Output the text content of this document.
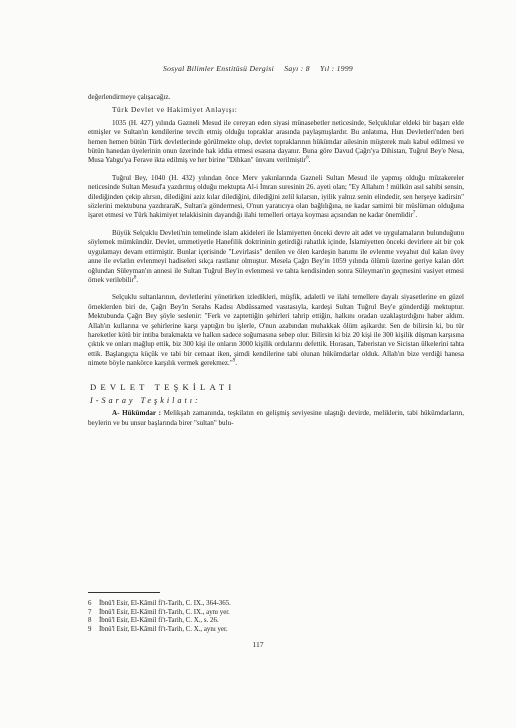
Sosyal Bilimler Enstitüsü Dergisi Sayı : 8 Yıl : 1999

değerlendirmeye çalışacağız.

Türk Devlet ve Hakimiyet Anlayışı:

1035 (H. 427) yılında Gazneli Mesud ile cereyan eden siyasi münasebetler neticesinde, Selçuklular eldeki bir başarı elde etmişler ve Sultan'ın kendilerine tevcih etmiş olduğu topraklar arasında paylaşmışlardır. Bu anlatıma, Hun Devletleri'nden beri hemen hemen bütün Türk devletlerinde görülmekte olup, devlet topraklarının hükümdar ailesinin müşterek malı kabul edilmesi ve bütün hanedan üyelerinin onun üzerinde hak iddia etmesi esasına dayanır. Buna göre Davud Çağrı'ya Dihistan, Tuğrul Bey'e Nesa, Musa Yabgu'ya Ferave ikta edilmiş ve her birine "Dihkan" ünvanı verilmiştir$^6$.

Tuğrul Bey, 1040 (H. 432) yılından önce Merv yakınlarında Gazneli Sultan Mesud ile yapmış olduğu müzakereler neticesinde Sultan Mesud'a yazdırmış olduğu mektupta Al-i İmran suresinin 26. ayeti olan; "Ey Allahım ! mülkün asıl sahibi sensin, dilediğinden çekip alırsın, dilediğini aziz kılar dilediğini, dilediğini zelil kılarsın, iyilik yalnız senin elindedir, sen herşeye kadirsin" sözlerini mektubuna yazdıraraK, Sultan'a göndermesi, O'nun yaratıcıya olan bağlılığına, ne kadar samimi bir müslüman olduğuna işaret etmesi ve Türk hakimiyet telakkisinin dayandığı ilahi temelleri ortaya koyması açısından ne kadar önemlidir$^7$.

Büyük Selçuklu Devleti'nin temelinde islam akideleri ile İslamiyetten önceki devre ait adet ve uygulamaların bulunduğunu söylemek mümkündür. Devlet, ummetiyetle Hanefilik doktrininin getirdiği rahatlık içinde, İslamiyetten önceki devirlere ait bir çok uygulamayı devam ettirmiştir. Bunlar içerisinde "Levirlasis" denilen ve ölen kardeşin hanımı ile evlenme veyahut dul kalan üvey anne ile evlatlın evlenmeyi hadiseleri sıkça rastlanır olmuştur. Mesela Çağrı Bey'in 1059 yılında ölümü üzerine geriye kalan dört oğlundan Süleyman'ın annesi ile Sultan Tuğrul Bey'in evlenmesi ve tahta kendisinden sonra Süleyman'ın geçmesini vasiyet etmesi örnek verilebilir$^8$.

Selçuklu sultanlarının, devletlerini yönetirken izledikleri, müşfik, adaletli ve ilahi temellere dayalı siyasetlerine en güzel örneklerden biri de, Çağrı Bey'in Serahs Kadısı Abdüssamed vasıtasıyla, kardeşi Sultan Tuğrul Bey'e gönderdiği mektuptur. Mektubunda Çağrı Bey şöyle seslenir: "Ferk ve zaptettiğin şehirleri tahrip ettiğin, halkını oradan uzaklaştırdığını haber aldım. Allah'ın kullarına ve şehirlerine karşı yaptığın bu işlerle, O'nun azabından muhakkak ölüm aşikardır. Sen de bilirsin ki, bu tür hareketler kötü bir intiba bırakmakta ve halkın sadece soğumasına sebep olur. Bilirsin ki biz 20 kişi ile 300 kişilik düşman karşısına çıktık ve onları mağlup ettik, biz 300 kişi ile onların 3000 kişilik ordularını defettik. Horasan, Taberistan ve Sicistan ülkelerini tahta ettik. Başlangıçta küçük ve tabi bir cemaat iken, şimdi kendilerine tabi olunan hükümdarlar olduk. Allah'ın bize verdiği hanesa nimete böyle nankörce karşılık vermek gerekmez."$^9$.

DEVLET TEŞKİLATI
I-Saray Teşkilatı:

A- Hükümdar : Melikşah zamanında, teşkilatın en gelişmiş seviyesine ulaştığı devirde, meliklerin, tabi hükümdarların, beylerin ve bu unsur başlarında birer "sultan" bulu-

6	İbnü'l Esir, El-Kâmil fi't-Tarih, C. IX., 364-365.
7	İbnü'l Esir, El-Kâmil fi't-Tarih, C. IX., aynı yer.
8	İbnü'l Esir, El-Kâmil fi't-Tarih, C. X., s. 26.
9	İbnü'l Esir, El-Kâmil fi't-Tarih, C. X., aynı yer.
117
